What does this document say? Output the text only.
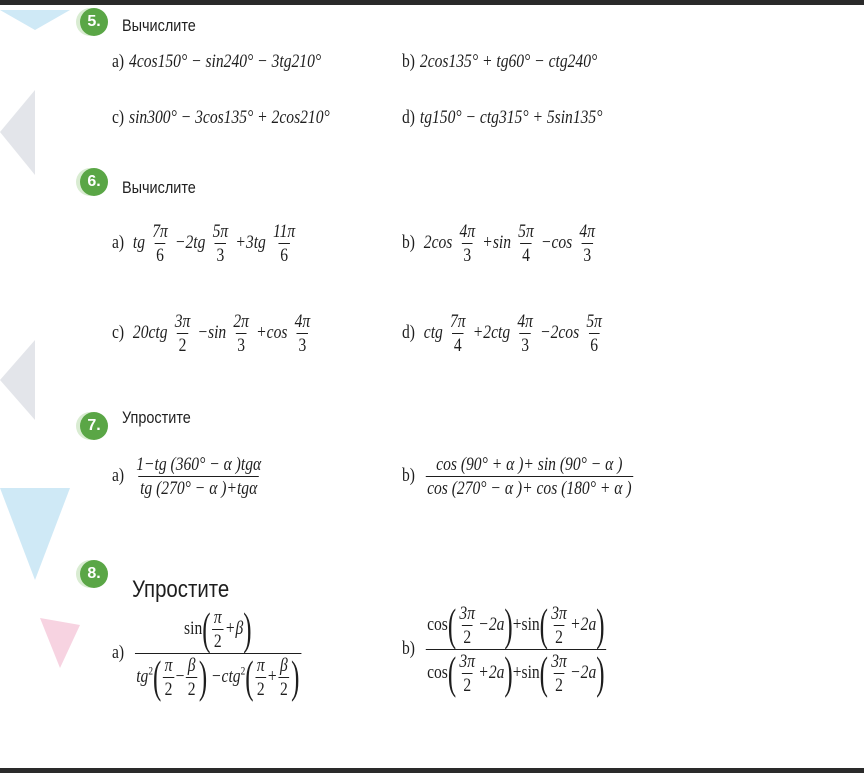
5.	Вычислите
a) 4cos150° − sin240° − 3tg210°	b) 2cos135° + tg60° − ctg240°
c) sin300° − 3cos135° + 2cos210°	d) tg150° − ctg315° + 5sin135°
6.	Вычислите
a) tg $\frac{7\pi}{6} -2tg \frac{5\pi}{3} +3tg \frac{11\pi}{6}$	b) $2\cos \frac{4\pi}{3} +\sin \frac{5\pi}{4} -\cos \frac{4\pi}{3}$
c) $20ctg \frac{3\pi}{2} -\sin \frac{2\pi}{3} +\cos \frac{4\pi}{3}$	d) ctg $\frac{7\pi}{4} +2ctg \frac{4\pi}{3} -2\cos \frac{5\pi}{6}$
7.	Упростите
$a) \frac{\text{1−tg (360° − α )tgα}}{\text{tg (270° − α )+tgα}}$	$b) \frac{\cos (90^\circ + \alpha )+ \sin (90^\circ - \alpha )}{\cos (270^\circ - \alpha )+ \cos (180^\circ + \alpha )}$
8.
Упростите
$a) \frac{\sin( \frac{\pi}{2} +\beta)}{tg^2( \frac{\pi}{2} - \frac{\beta}{2} ) -ctg^2( \frac{\pi}{2} + \frac{\beta}{2} )}$	$b) \frac{\cos( \frac{3\pi}{2} -2a)+\sin( \frac{3\pi}{2} +2a)}{\cos( \frac{3\pi}{2} +2a)+\sin( \frac{3\pi}{2} -2a)}$
